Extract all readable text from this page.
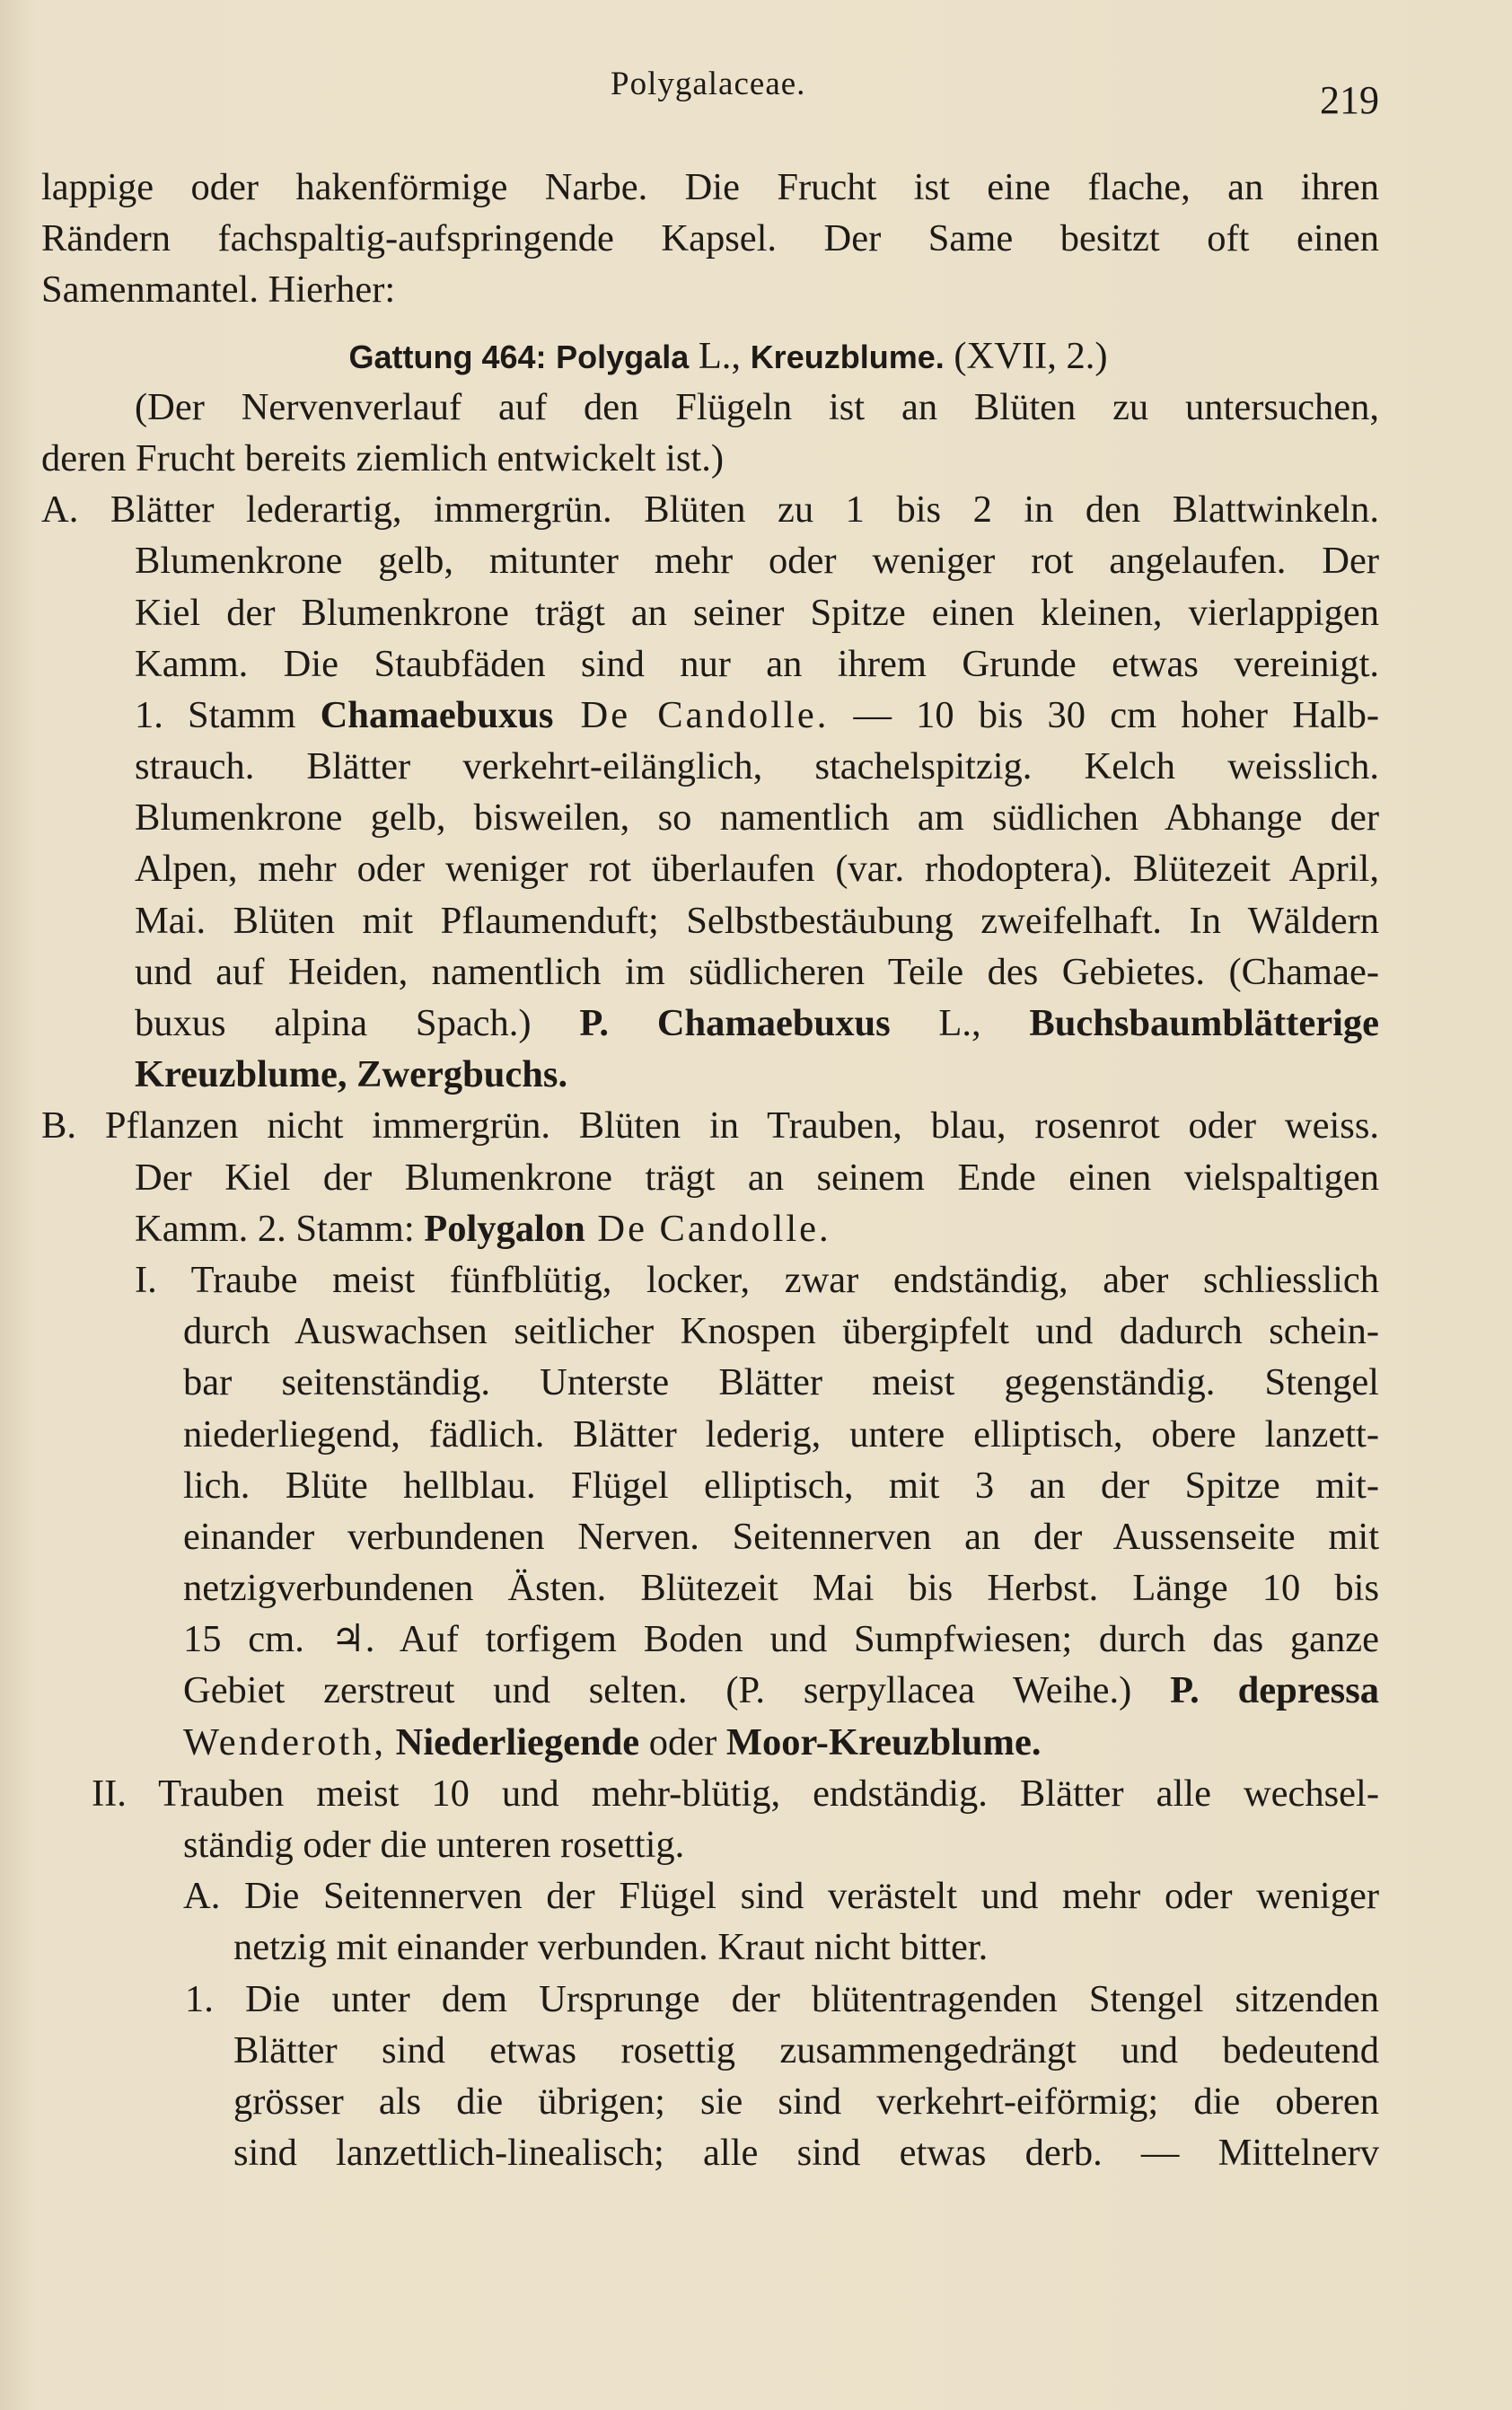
Polygalaceae.	219
lappige oder hakenförmige Narbe. Die Frucht ist eine flache, an ihren
Rändern fachspaltig-aufspringende Kapsel. Der Same besitzt oft einen
Samenmantel. Hierher:
Gattung 464: Polygala L., Kreuzblume. (XVII, 2.)
(Der Nervenverlauf auf den Flügeln ist an Blüten zu untersuchen,
deren Frucht bereits ziemlich entwickelt ist.)
A. Blätter lederartig, immergrün. Blüten zu 1 bis 2 in den Blattwinkeln.
Blumenkrone gelb, mitunter mehr oder weniger rot angelaufen. Der
Kiel der Blumenkrone trägt an seiner Spitze einen kleinen, vierlappigen
Kamm. Die Staubfäden sind nur an ihrem Grunde etwas vereinigt.
1. Stamm Chamaebuxus De Candolle. — 10 bis 30 cm hoher Halb-
strauch. Blätter verkehrt-eilänglich, stachelspitzig. Kelch weisslich.
Blumenkrone gelb, bisweilen, so namentlich am südlichen Abhange der
Alpen, mehr oder weniger rot überlaufen (var. rhodoptera). Blütezeit April,
Mai. Blüten mit Pflaumenduft; Selbstbestäubung zweifelhaft. In Wäldern
und auf Heiden, namentlich im südlicheren Teile des Gebietes. (Chamae-
buxus alpina Spach.) P. Chamaebuxus L., Buchsbaumblätterige
Kreuzblume, Zwergbuchs.
B. Pflanzen nicht immergrün. Blüten in Trauben, blau, rosenrot oder weiss.
Der Kiel der Blumenkrone trägt an seinem Ende einen vielspaltigen
Kamm. 2. Stamm: Polygalon De Candolle.
I. Traube meist fünfblütig, locker, zwar endständig, aber schliesslich
durch Auswachsen seitlicher Knospen übergipfelt und dadurch schein-
bar seitenständig. Unterste Blätter meist gegenständig. Stengel
niederliegend, fädlich. Blätter lederig, untere elliptisch, obere lanzett-
lich. Blüte hellblau. Flügel elliptisch, mit 3 an der Spitze mit-
einander verbundenen Nerven. Seitennerven an der Aussenseite mit
netzigverbundenen Ästen. Blütezeit Mai bis Herbst. Länge 10 bis
15 cm. ♃. Auf torfigem Boden und Sumpfwiesen; durch das ganze
Gebiet zerstreut und selten. (P. serpyllacea Weihe.) P. depressa
Wenderoth, Niederliegende oder Moor-Kreuzblume.
II. Trauben meist 10 und mehr-blütig, endständig. Blätter alle wechsel-
ständig oder die unteren rosettig.
A. Die Seitennerven der Flügel sind verästelt und mehr oder weniger
netzig mit einander verbunden. Kraut nicht bitter.
1. Die unter dem Ursprunge der blütentragenden Stengel sitzenden
Blätter sind etwas rosettig zusammengedrängt und bedeutend
grösser als die übrigen; sie sind verkehrt-eiförmig; die oberen
sind lanzettlich-linealisch; alle sind etwas derb. — Mittelnerv
